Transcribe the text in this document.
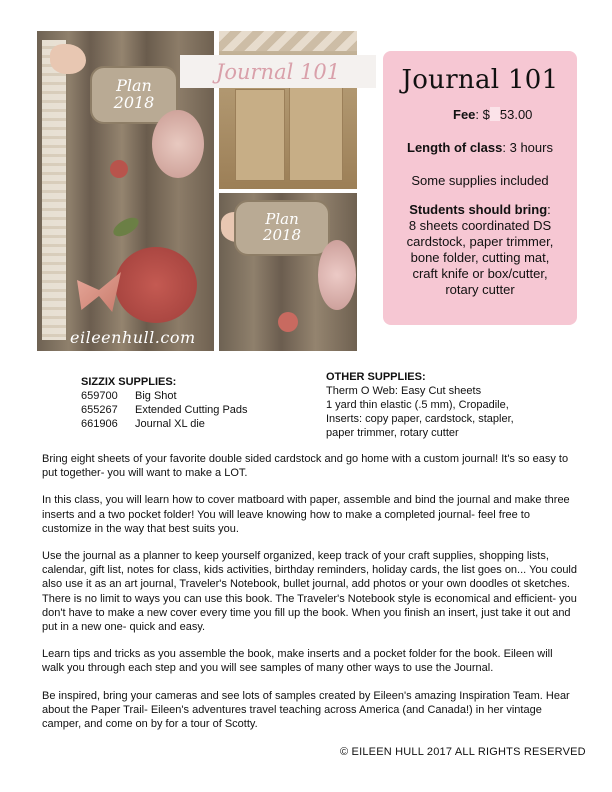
Plan
2018
eileenhull.com
Journal 101
Plan
2018
Journal 101
Fee: $ 53.00
Length of class: 3 hours
Some supplies included
Students should bring:
8 sheets coordinated DS
cardstock, paper trimmer,
bone folder, cutting mat,
craft knife or box/cutter,
rotary cutter
SIZZIX SUPPLIES:
659700 Big Shot
655267 Extended Cutting Pads
661906 Journal XL die
OTHER SUPPLIES:
Therm O Web: Easy Cut sheets
1 yard thin elastic (.5 mm), Cropadile,
Inserts: copy paper, cardstock, stapler,
paper trimmer, rotary cutter

Bring eight sheets of your favorite double sided cardstock and go home with a custom journal! It's so easy to put together- you will want to make a LOT.

In this class, you will learn how to cover matboard with paper, assemble and bind the journal and make three inserts and a two pocket folder! You will leave knowing how to make a completed journal- feel free to customize in the way that best suits you.

Use the journal as a planner to keep yourself organized, keep track of your craft supplies, shopping lists, calendar, gift list, notes for class, kids activities, birthday reminders, holiday cards, the list goes on... You could also use it as an art journal, Traveler's Notebook, bullet journal, add photos or your own doodles ot sketches. There is no limit to ways you can use this book. The Traveler's Notebook style is economical and efficient- you don't have to make a new cover every time you fill up the book. When you finish an insert, just take it out and put in a new one- quick and easy.

Learn tips and tricks as you assemble the book, make inserts and a pocket folder for the book. Eileen will walk you through each step and you will see samples of many other ways to use the Journal.

Be inspired, bring your cameras and see lots of samples created by Eileen's amazing Inspiration Team. Hear about the Paper Trail- Eileen's adventures travel teaching across America (and Canada!) in her vintage camper, and come on by for a tour of Scotty.

© EILEEN HULL 2017 ALL RIGHTS RESERVED
